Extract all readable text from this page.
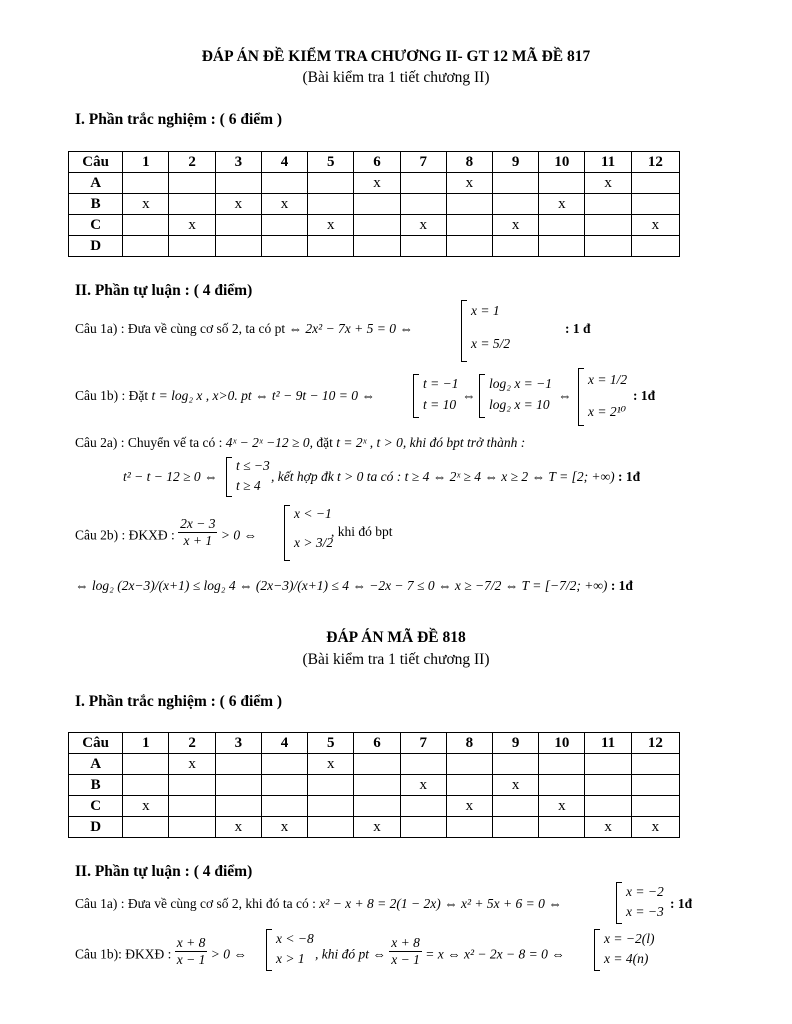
ĐÁP ÁN ĐỀ KIỂM TRA CHƯƠNG II- GT 12 MÃ ĐỀ 817
(Bài kiểm tra 1 tiết chương II)
I. Phần trắc nghiệm : ( 6 điểm )
Câu	1	2	3	4	5	6	7	8	9	10	11	12
A						x		x			x	
B	x		x	x						x		
C		x			x		x		x			x
D												
II. Phần tự luận : ( 4 điểm)
Câu 1a) : Đưa về cùng cơ số 2, ta có pt ⇔ 2x² − 7x + 5 = 0 ⇔
x = 1
x = 5/2
: 1 đ
Câu 1b) : Đặt t = log₂ x , x>0. pt ⇔ t² − 9t − 10 = 0 ⇔
t = −1
t = 10
⇔
log₂ x = −1
log₂ x = 10
⇔
x = 1/2
x = 2¹⁰
: 1đ
Câu 2a) : Chuyển vế ta có : 4ˣ − 2ˣ −12 ≥ 0, đặt t = 2ˣ , t > 0, khi đó bpt trở thành :
t² − t − 12 ≥ 0 ⇔
t ≤ −3
t ≥ 4
, kết hợp đk t > 0 ta có : t ≥ 4 ⇔ 2ˣ ≥ 4 ⇔ x ≥ 2 ⇔ T = [2; +∞) : 1đ
Câu 2b) : ĐKXĐ : $\frac{2x - 3}{x + 1} > 0$ ⇔
x < −1
x > 3/2
, khi đó bpt
⇔ log₂ (2x−3)/(x+1) ≤ log₂ 4 ⇔ (2x−3)/(x+1) ≤ 4 ⇔ −2x − 7 ≤ 0 ⇔ x ≥ −7/2 ⇔ T = [−7/2; +∞) : 1đ
ĐÁP ÁN MÃ ĐỀ 818
(Bài kiểm tra 1 tiết chương II)
I. Phần trắc nghiệm : ( 6 điểm )
Câu	1	2	3	4	5	6	7	8	9	10	11	12
A		x			x							
B							x		x			
C	x							x		x		
D			x	x		x					x	x
II. Phần tự luận : ( 4 điểm)
Câu 1a) : Đưa về cùng cơ số 2, khi đó ta có : x² − x + 8 = 2(1 − 2x) ⇔ x² + 5x + 6 = 0 ⇔
x = −2
x = −3
: 1đ
Câu 1b): ĐKXĐ : $\frac{x + 8}{x - 1} > 0$ ⇔
x < −8
x > 1 , khi đó pt ⇔ $\frac{x + 8}{x - 1} = x$ ⇔ x² − 2x − 8 = 0 ⇔
x = −2(l)
x = 4(n)
